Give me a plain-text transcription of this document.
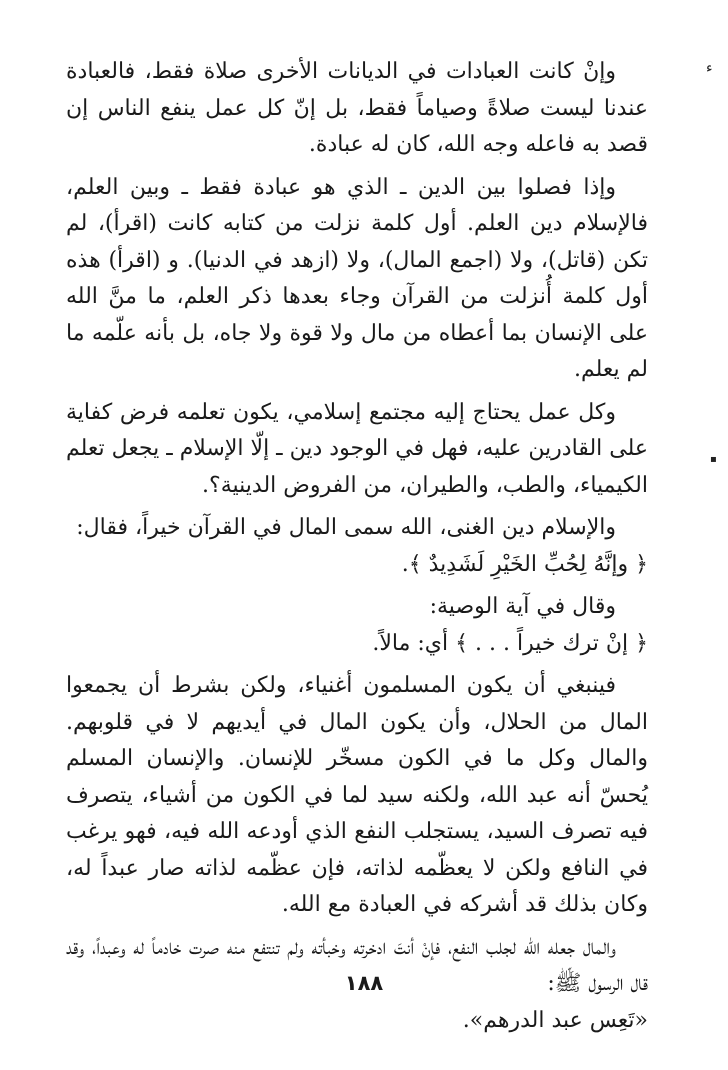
وإنْ كانت العبادات في الديانات الأخرى صلاة فقط، فالعبادة عندنا ليست صلاةً وصياماً فقط، بل إنّ كل عمل ينفع الناس إن قصد به فاعله وجه الله، كان له عبادة.

وإذا فصلوا بين الدين ـ الذي هو عبادة فقط ـ وبين العلم، فالإسلام دين العلم. أول كلمة نزلت من كتابه كانت (اقرأ)، لم تكن (قاتل)، ولا (اجمع المال)، ولا (ازهد في الدنيا). و (اقرأ) هذه أول كلمة أُنزلت من القرآن وجاء بعدها ذكر العلم، ما منَّ الله على الإنسان بما أعطاه من مال ولا قوة ولا جاه، بل بأنه علّمه ما لم يعلم.

وكل عمل يحتاج إليه مجتمع إسلامي، يكون تعلمه فرض كفاية على القادرين عليه، فهل في الوجود دين ـ إلّا الإسلام ـ يجعل تعلم الكيمياء، والطب، والطيران، من الفروض الدينية؟.

والإسلام دين الغنى، الله سمى المال في القرآن خيراً، فقال:
﴿ وإنَّهُ لِحُبِّ الخَيْرِ لَشَدِيدٌ ﴾.
وقال في آية الوصية:
﴿ إنْ ترك خيراً . . . ﴾ أي: مالاً.

فينبغي أن يكون المسلمون أغنياء، ولكن بشرط أن يجمعوا المال من الحلال، وأن يكون المال في أيديهم لا في قلوبهم. والمال وكل ما في الكون مسخّر للإنسان. والإنسان المسلم يُحسّ أنه عبد الله، ولكنه سيد لما في الكون من أشياء، يتصرف فيه تصرف السيد، يستجلب النفع الذي أودعه الله فيه، فهو يرغب في النافع ولكن لا يعظّمه لذاته، فإن عظّمه لذاته صار عبداً له، وكان بذلك قد أشركه في العبادة مع الله.

والمال جعله الله لجلب النفع، فإنْ أنتَ ادخرته وخبأته ولم تنتفع منه صرت خادماً له وعبداً، وقد قال الرسول ﷺ:
«تَعِس عبد الدرهم».
١٨٨
ء
▪
